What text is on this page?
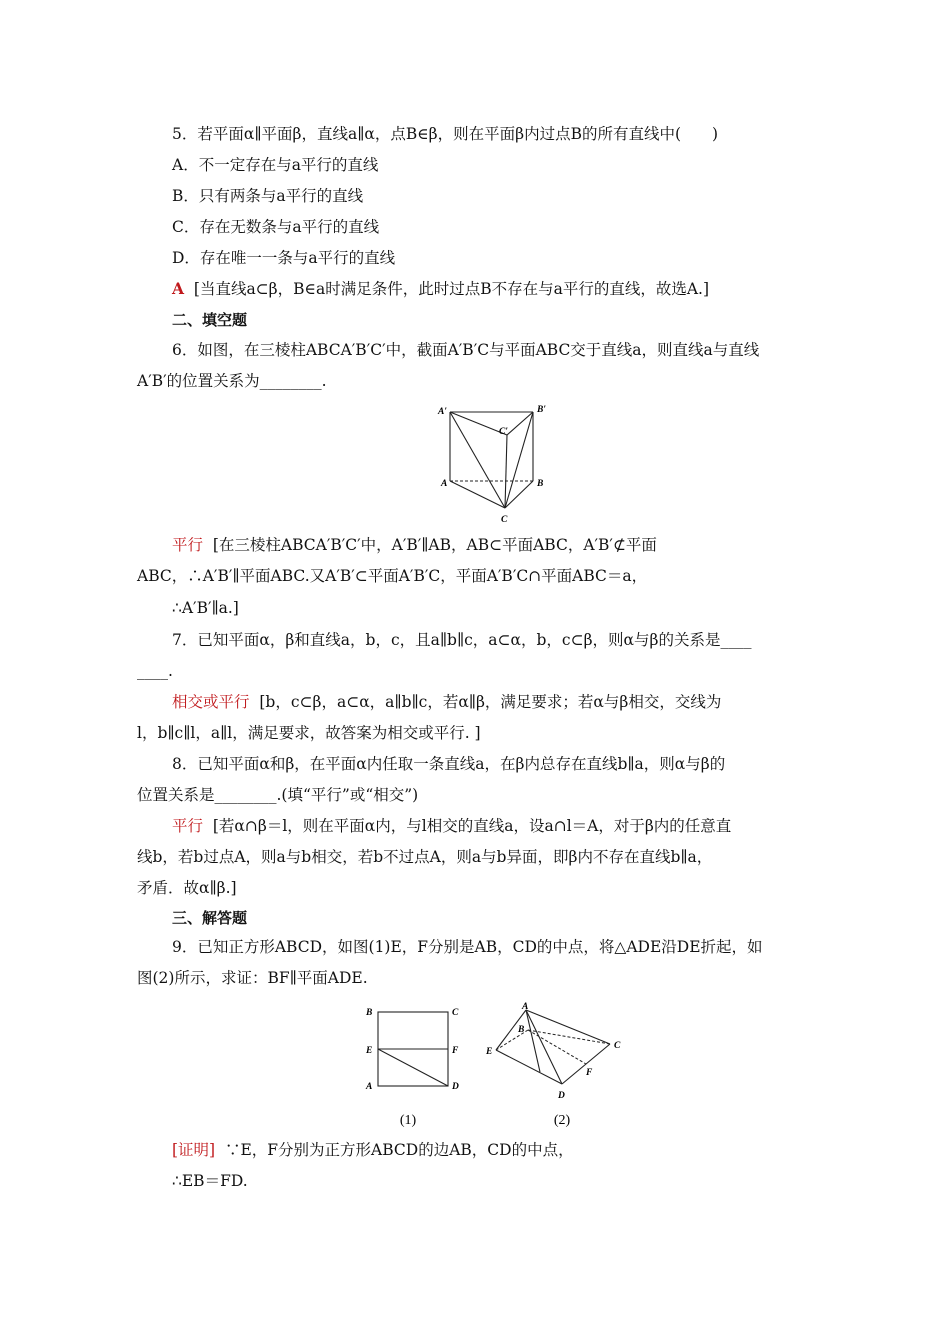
5．若平面α∥平面β，直线a∥α，点B∈β，则在平面β内过点B的所有直线中(　　)
A．不一定存在与a平行的直线
B．只有两条与a平行的直线
C．存在无数条与a平行的直线
D．存在唯一一条与a平行的直线
A [当直线a⊂β，B∈a时满足条件，此时过点B不存在与a平行的直线，故选A.]
二、填空题
6．如图，在三棱柱ABCA′B′C′中，截面A′B′C与平面ABC交于直线a，则直线a与直线
A′B′的位置关系为________.
A′	B′
C′
A	B
C
平行 [在三棱柱ABCA′B′C′中，A′B′∥AB，AB⊂平面ABC，A′B′⊄平面
ABC，∴A′B′∥平面ABC.又A′B′⊂平面A′B′C，平面A′B′C∩平面ABC＝a，
∴A′B′∥a.]
7．已知平面α，β和直线a，b，c，且a∥b∥c，a⊂α，b，c⊂β，则α与β的关系是____
____.
相交或平行 [b，c⊂β，a⊂α，a∥b∥c，若α∥β，满足要求；若α与β相交，交线为
l，b∥c∥l，a∥l，满足要求，故答案为相交或平行. ]
8．已知平面α和β，在平面α内任取一条直线a，在β内总存在直线b∥a，则α与β的
位置关系是________.(填“平行”或“相交”)
平行 [若α∩β＝l，则在平面α内，与l相交的直线a，设a∩l＝A，对于β内的任意直
线b，若b过点A，则a与b相交，若b不过点A，则a与b异面，即β内不存在直线b∥a，
矛盾．故α∥β.]
三、解答题
9．已知正方形ABCD，如图(1)E，F分别是AB，CD的中点，将△ADE沿DE折起，如
图(2)所示，求证：BF∥平面ADE.
B	C
E	F
A	D
(1)
A
B
E
C
F
D
(2)
[证明] ∵E，F分别为正方形ABCD的边AB，CD的中点，
∴EB＝FD.
